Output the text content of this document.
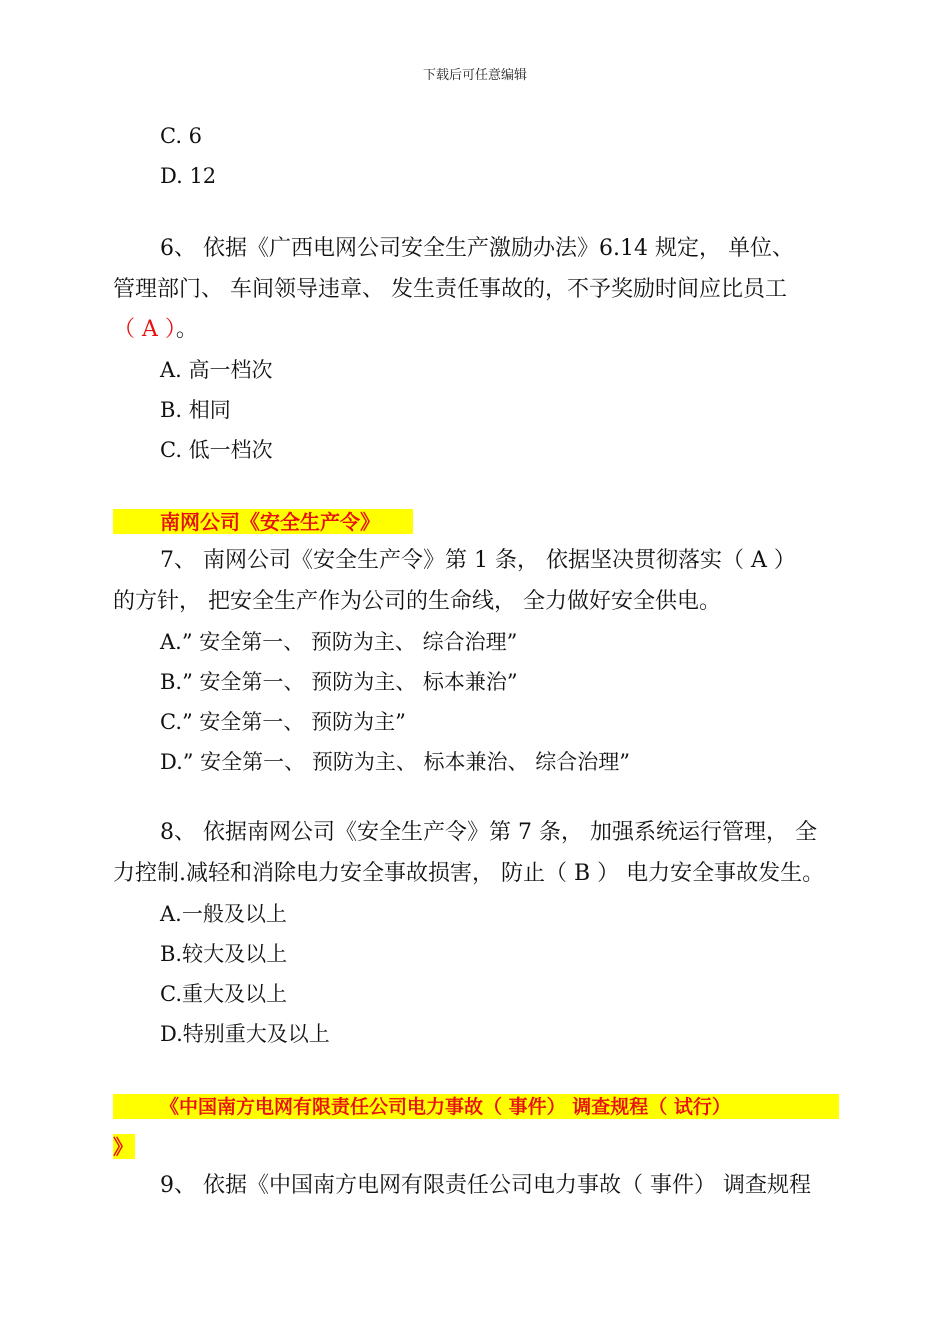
下载后可任意编辑
C. 6
D. 12
6、 依据《广西电网公司安全生产激励办法》6.14 规定， 单位、
管理部门、 车间领导违章、 发生责任事故的，不予奖励时间应比员工
（ A ）。
A. 高一档次
B. 相同
C. 低一档次
南网公司《安全生产令》
7、 南网公司《安全生产令》第 1 条， 依据坚决贯彻落实（ A ）
的方针， 把安全生产作为公司的生命线， 全力做好安全供电。
A.” 安全第一、 预防为主、 综合治理”
B.” 安全第一、 预防为主、 标本兼治”
C.” 安全第一、 预防为主”
D.” 安全第一、 预防为主、 标本兼治、 综合治理”
8、 依据南网公司《安全生产令》第 7 条， 加强系统运行管理， 全
力控制.减轻和消除电力安全事故损害， 防止（ B ） 电力安全事故发生。
A.一般及以上
B.较大及以上
C.重大及以上
D.特别重大及以上
《中国南方电网有限责任公司电力事故（ 事件） 调查规程（ 试行）
》
9、 依据《中国南方电网有限责任公司电力事故（ 事件） 调查规程
